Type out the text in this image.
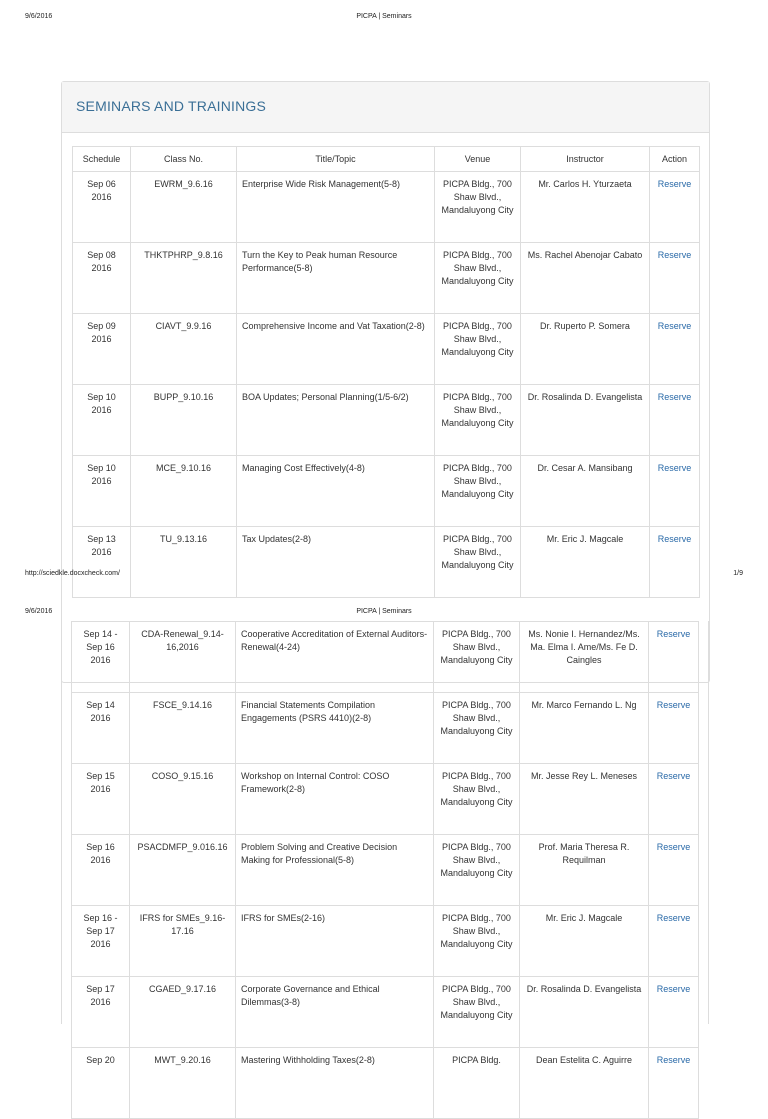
9/6/2016	PICPA | Seminars
SEMINARS AND TRAININGS
Schedule	Class No.	Title/Topic	Venue	Instructor	Action
Sep 06 2016	EWRM_9.6.16	Enterprise Wide Risk Management(5-8)	PICPA Bldg., 700 Shaw Blvd., Mandaluyong City	Mr. Carlos H. Yturzaeta	Reserve
Sep 08 2016	THKTPHRP_9.8.16	Turn the Key to Peak human Resource Performance(5-8)	PICPA Bldg., 700 Shaw Blvd., Mandaluyong City	Ms. Rachel Abenojar Cabato	Reserve
Sep 09 2016	CIAVT_9.9.16	Comprehensive Income and Vat Taxation(2-8)	PICPA Bldg., 700 Shaw Blvd., Mandaluyong City	Dr. Ruperto P. Somera	Reserve
Sep 10 2016	BUPP_9.10.16	BOA Updates; Personal Planning(1/5-6/2)	PICPA Bldg., 700 Shaw Blvd., Mandaluyong City	Dr. Rosalinda D. Evangelista	Reserve
Sep 10 2016	MCE_9.10.16	Managing Cost Effectively(4-8)	PICPA Bldg., 700 Shaw Blvd., Mandaluyong City	Dr. Cesar A. Mansibang	Reserve
Sep 13 2016	TU_9.13.16	Tax Updates(2-8)	PICPA Bldg., 700 Shaw Blvd., Mandaluyong City	Mr. Eric J. Magcale	Reserve
http://sciedkle.docxcheck.com/	1/9
9/6/2016	PICPA | Seminars
Sep 14 - Sep 16 2016	CDA-Renewal_9.14-16,2016	Cooperative Accreditation of External Auditors-Renewal(4-24)	PICPA Bldg., 700 Shaw Blvd., Mandaluyong City	Ms. Nonie I. Hernandez/Ms. Ma. Elma I. Ame/Ms. Fe D. Caingles	Reserve
Sep 14 2016	FSCE_9.14.16	Financial Statements Compilation Engagements (PSRS 4410)(2-8)	PICPA Bldg., 700 Shaw Blvd., Mandaluyong City	Mr. Marco Fernando L. Ng	Reserve
Sep 15 2016	COSO_9.15.16	Workshop on Internal Control: COSO Framework(2-8)	PICPA Bldg., 700 Shaw Blvd., Mandaluyong City	Mr. Jesse Rey L. Meneses	Reserve
Sep 16 2016	PSACDMFP_9.016.16	Problem Solving and Creative Decision Making for Professional(5-8)	PICPA Bldg., 700 Shaw Blvd., Mandaluyong City	Prof. Maria Theresa R. Requilman	Reserve
Sep 16 - Sep 17 2016	IFRS for SMEs_9.16-17.16	IFRS for SMEs(2-16)	PICPA Bldg., 700 Shaw Blvd., Mandaluyong City	Mr. Eric J. Magcale	Reserve
Sep 17 2016	CGAED_9.17.16	Corporate Governance and Ethical Dilemmas(3-8)	PICPA Bldg., 700 Shaw Blvd., Mandaluyong City	Dr. Rosalinda D. Evangelista	Reserve
Sep 20	MWT_9.20.16	Mastering Withholding Taxes(2-8)	PICPA Bldg.	Dean Estelita C. Aguirre	Reserve
